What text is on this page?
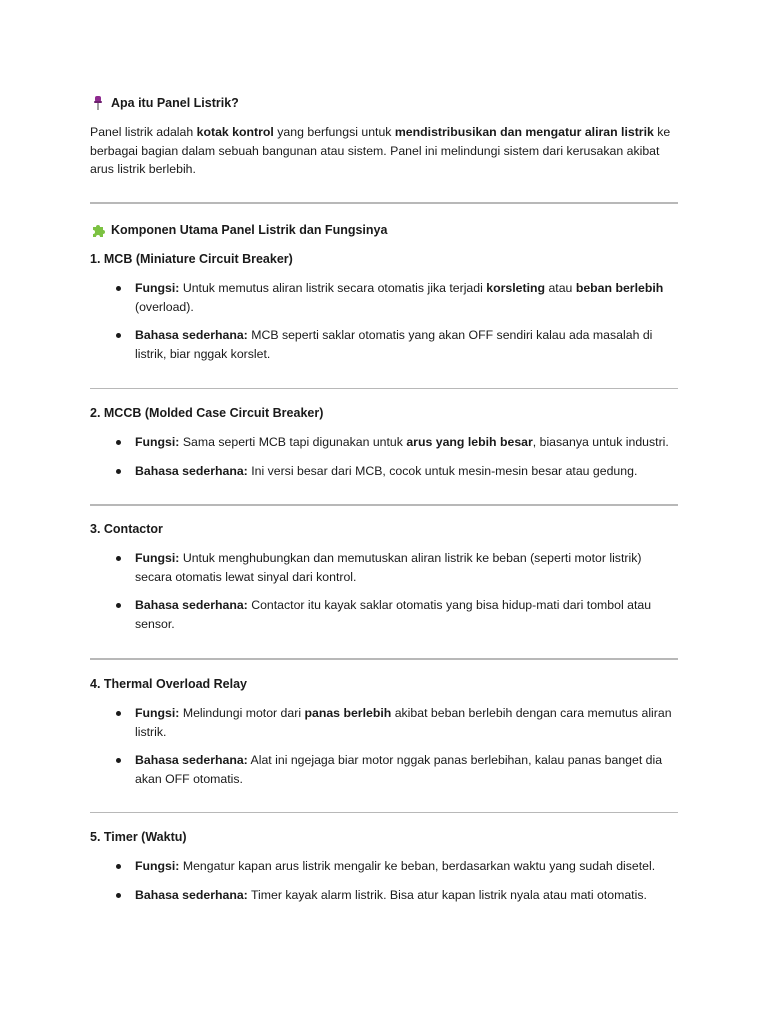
Apa itu Panel Listrik?

Panel listrik adalah kotak kontrol yang berfungsi untuk mendistribusikan dan mengatur aliran listrik ke berbagai bagian dalam sebuah bangunan atau sistem. Panel ini melindungi sistem dari kerusakan akibat arus listrik berlebih.

Komponen Utama Panel Listrik dan Fungsinya
1. MCB (Miniature Circuit Breaker)
Fungsi: Untuk memutus aliran listrik secara otomatis jika terjadi korsleting atau beban berlebih (overload).
Bahasa sederhana: MCB seperti saklar otomatis yang akan OFF sendiri kalau ada masalah di listrik, biar nggak korslet.
2. MCCB (Molded Case Circuit Breaker)
Fungsi: Sama seperti MCB tapi digunakan untuk arus yang lebih besar, biasanya untuk industri.
Bahasa sederhana: Ini versi besar dari MCB, cocok untuk mesin-mesin besar atau gedung.
3. Contactor
Fungsi: Untuk menghubungkan dan memutuskan aliran listrik ke beban (seperti motor listrik) secara otomatis lewat sinyal dari kontrol.
Bahasa sederhana: Contactor itu kayak saklar otomatis yang bisa hidup-mati dari tombol atau sensor.
4. Thermal Overload Relay
Fungsi: Melindungi motor dari panas berlebih akibat beban berlebih dengan cara memutus aliran listrik.
Bahasa sederhana: Alat ini ngejaga biar motor nggak panas berlebihan, kalau panas banget dia akan OFF otomatis.
5. Timer (Waktu)
Fungsi: Mengatur kapan arus listrik mengalir ke beban, berdasarkan waktu yang sudah disetel.
Bahasa sederhana: Timer kayak alarm listrik. Bisa atur kapan listrik nyala atau mati otomatis.
